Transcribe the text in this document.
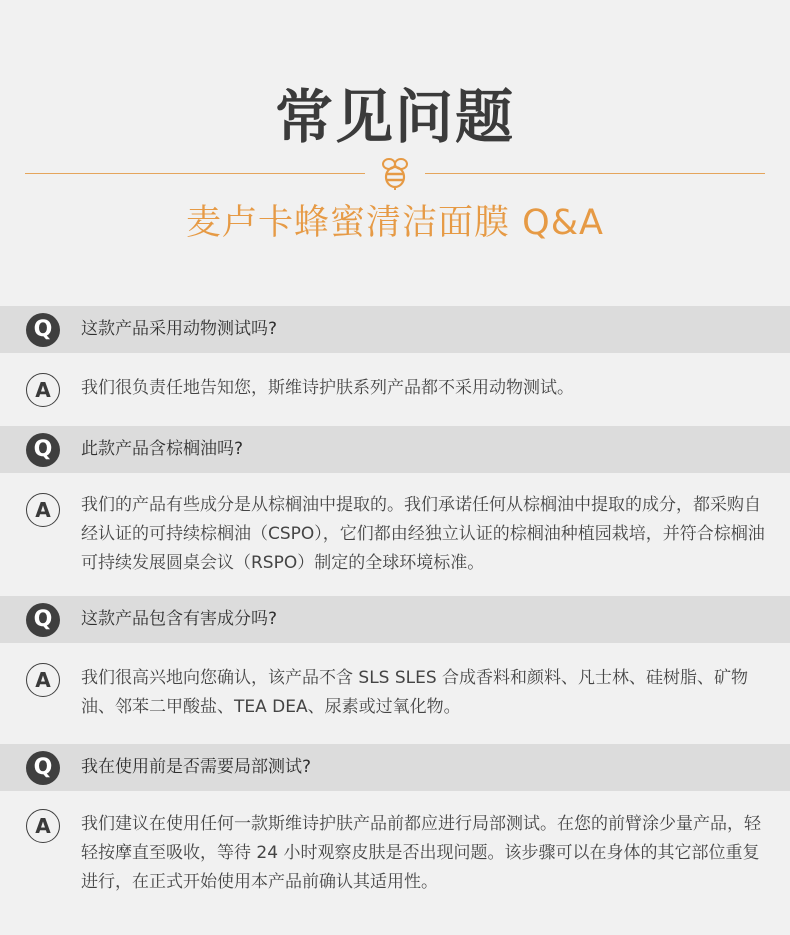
常见问题
麦卢卡蜂蜜清洁面膜 Q&A
Q	这款产品采用动物测试吗?
A	我们很负责任地告知您，斯维诗护肤系列产品都不采用动物测试。
Q	此款产品含棕榈油吗?
A	我们的产品有些成分是从棕榈油中提取的。我们承诺任何从棕榈油中提取的成分，都采购自经认证的可持续棕榈油（CSPO），它们都由经独立认证的棕榈油种植园栽培，并符合棕榈油可持续发展圆桌会议（RSPO）制定的全球环境标准。
Q	这款产品包含有害成分吗?
A	我们很高兴地向您确认，该产品不含 SLS SLES 合成香料和颜料、凡士林、硅树脂、矿物油、邻苯二甲酸盐、TEA DEA、尿素或过氧化物。
Q	我在使用前是否需要局部测试?
A	我们建议在使用任何一款斯维诗护肤产品前都应进行局部测试。在您的前臂涂少量产品，轻轻按摩直至吸收，等待 24 小时观察皮肤是否出现问题。该步骤可以在身体的其它部位重复进行，在正式开始使用本产品前确认其适用性。
